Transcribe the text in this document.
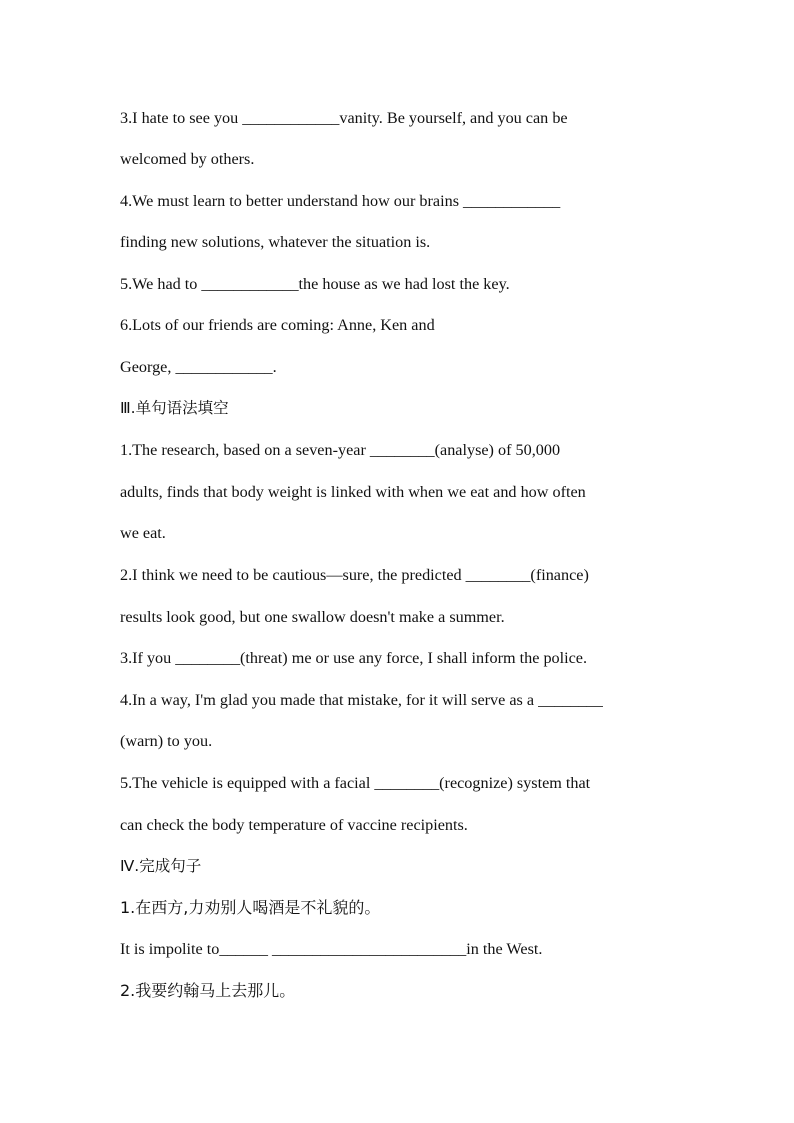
3.I hate to see you ____________vanity. Be yourself, and you can be

welcomed by others.

4.We must learn to better understand how our brains ____________

finding new solutions, whatever the situation is.

5.We had to ____________the house as we had lost the key.

6.Lots of our friends are coming: Anne, Ken and

George, ____________.

Ⅲ.单句语法填空

1.The research, based on a seven-year ________(analyse) of 50,000

adults, finds that body weight is linked with when we eat and how often

we eat.

2.I think we need to be cautious—sure, the predicted ________(finance)

results look good, but one swallow doesn't make a summer.

3.If you ________(threat) me or use any force, I shall inform the police.

4.In a way, I'm glad you made that mistake, for it will serve as a ________

(warn) to you.

5.The vehicle is equipped with a facial ________(recognize) system that

can check the body temperature of vaccine recipients.

Ⅳ.完成句子

1.在西方,力劝别人喝酒是不礼貌的。

It is impolite to______ ________________________in the West.

2.我要约翰马上去那儿。
